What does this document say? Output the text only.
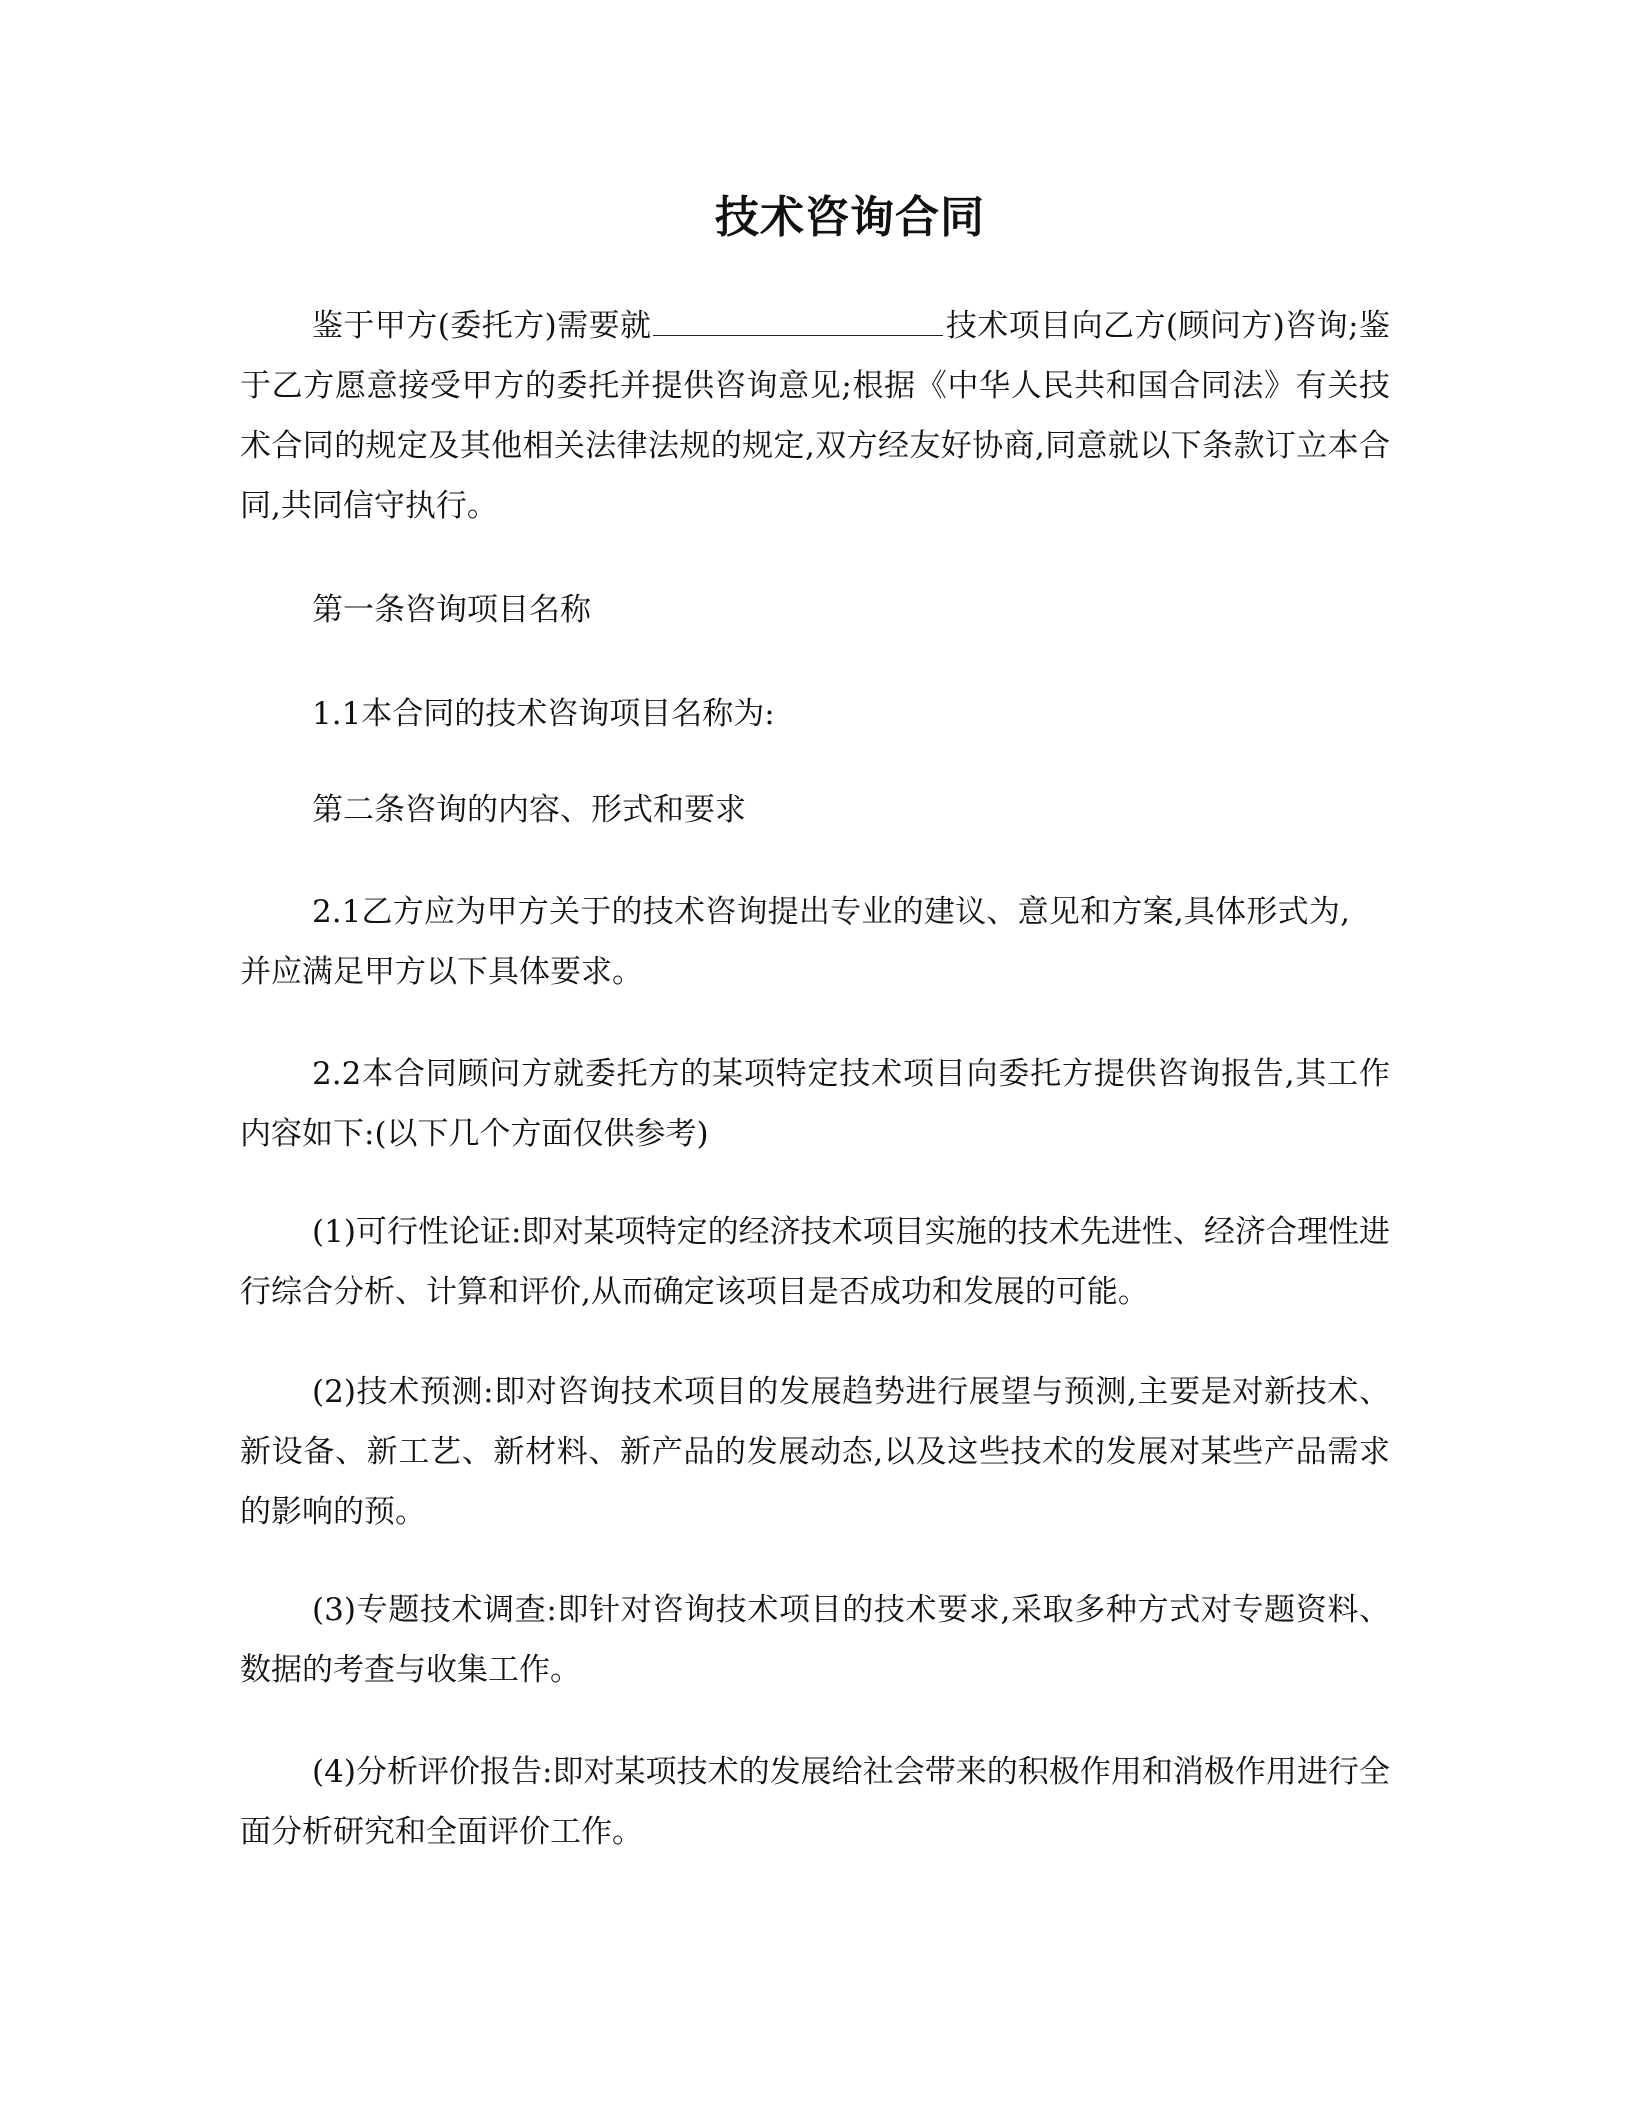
技术咨询合同
鉴于甲方(委托方)需要就	技术项目向乙方(顾问方)咨询;鉴于乙方愿意接受甲方的委托并提供咨询意见;根据《中华人民共和国合同法》有关技术合同的规定及其他相关法律法规的规定,双方经友好协商,同意就以下条款订立本合同,共同信守执行。
第一条咨询项目名称
1.1本合同的技术咨询项目名称为:
第二条咨询的内容、形式和要求
2.1乙方应为甲方关于的技术咨询提出专业的建议、意见和方案,具体形式为,并应满足甲方以下具体要求。
2.2本合同顾问方就委托方的某项特定技术项目向委托方提供咨询报告,其工作内容如下:(以下几个方面仅供参考)
(1)可行性论证:即对某项特定的经济技术项目实施的技术先进性、经济合理性进行综合分析、计算和评价,从而确定该项目是否成功和发展的可能。
(2)技术预测:即对咨询技术项目的发展趋势进行展望与预测,主要是对新技术、新设备、新工艺、新材料、新产品的发展动态,以及这些技术的发展对某些产品需求的影响的预。
(3)专题技术调查:即针对咨询技术项目的技术要求,采取多种方式对专题资料、数据的考查与收集工作。
(4)分析评价报告:即对某项技术的发展给社会带来的积极作用和消极作用进行全面分析研究和全面评价工作。
